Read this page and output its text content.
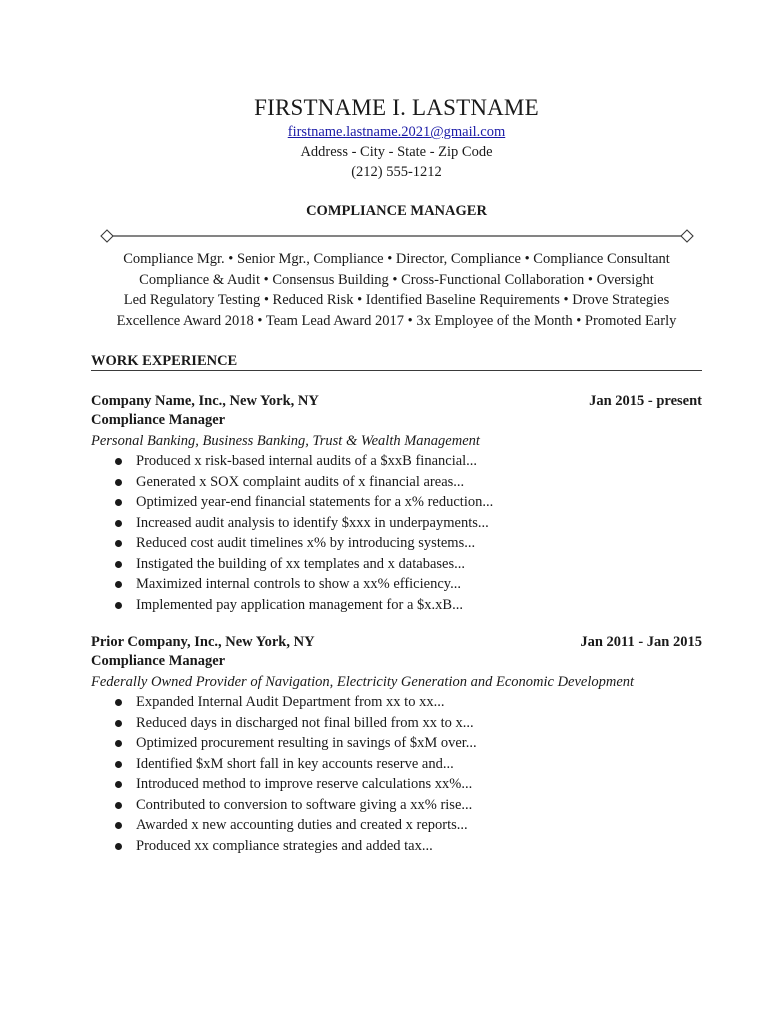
FIRSTNAME I. LASTNAME
firstname.lastname.2021@gmail.com
Address - City - State - Zip Code
(212) 555-1212
COMPLIANCE MANAGER
Compliance Mgr. • Senior Mgr., Compliance • Director, Compliance • Compliance Consultant
Compliance & Audit • Consensus Building • Cross-Functional Collaboration • Oversight
Led Regulatory Testing • Reduced Risk • Identified Baseline Requirements • Drove Strategies
Excellence Award 2018 • Team Lead Award 2017 • 3x Employee of the Month • Promoted Early
WORK EXPERIENCE
Company Name, Inc., New York, NY	Jan 2015 - present
Compliance Manager
Personal Banking, Business Banking, Trust & Wealth Management
Produced x risk-based internal audits of a $xxB financial...
Generated x SOX complaint audits of x financial areas...
Optimized year-end financial statements for a x% reduction...
Increased audit analysis to identify $xxx in underpayments...
Reduced cost audit timelines x% by introducing systems...
Instigated the building of xx templates and x databases...
Maximized internal controls to show a xx% efficiency...
Implemented pay application management for a $x.xB...
Prior Company, Inc., New York, NY	Jan 2011 - Jan 2015
Compliance Manager
Federally Owned Provider of Navigation, Electricity Generation and Economic Development
Expanded Internal Audit Department from xx to xx...
Reduced days in discharged not final billed from xx to x...
Optimized procurement resulting in savings of $xM over...
Identified $xM short fall in key accounts reserve and...
Introduced method to improve reserve calculations xx%...
Contributed to conversion to software giving a xx% rise...
Awarded x new accounting duties and created x reports...
Produced xx compliance strategies and added tax...
